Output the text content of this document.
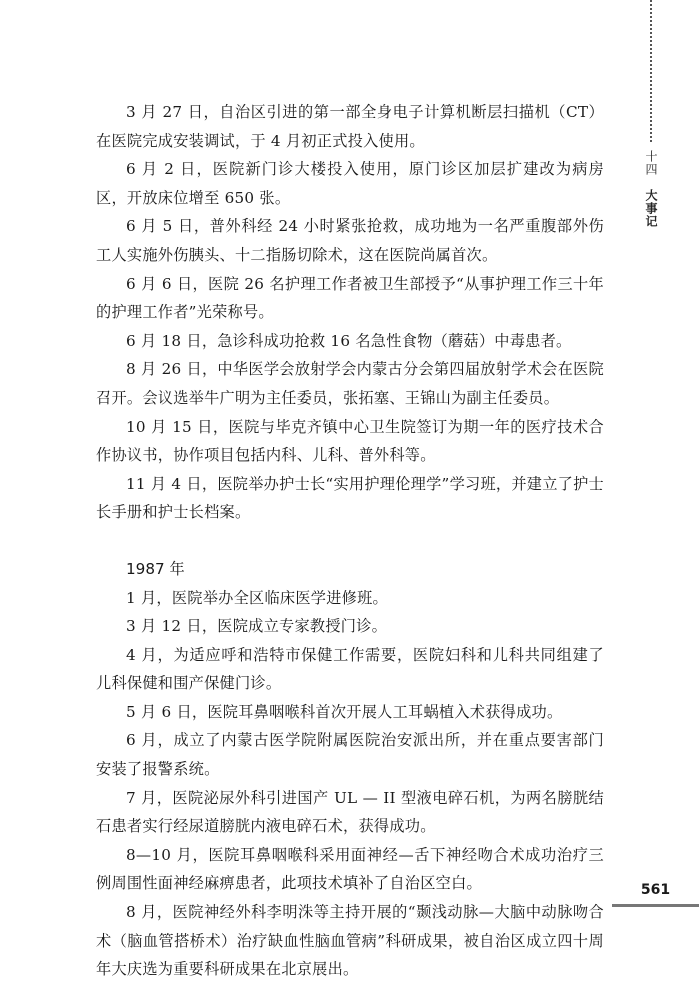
十四
大事记

3 月 27 日，自治区引进的第一部全身电子计算机断层扫描机（CT）在医院完成安装调试，于 4 月初正式投入使用。

6 月 2 日，医院新门诊大楼投入使用，原门诊区加层扩建改为病房区，开放床位增至 650 张。

6 月 5 日，普外科经 24 小时紧张抢救，成功地为一名严重腹部外伤工人实施外伤胰头、十二指肠切除术，这在医院尚属首次。

6 月 6 日，医院 26 名护理工作者被卫生部授予“从事护理工作三十年的护理工作者”光荣称号。

6 月 18 日，急诊科成功抢救 16 名急性食物（蘑菇）中毒患者。

8 月 26 日，中华医学会放射学会内蒙古分会第四届放射学术会在医院召开。会议选举牛广明为主任委员，张拓塞、王锦山为副主任委员。

10 月 15 日，医院与毕克齐镇中心卫生院签订为期一年的医疗技术合作协议书，协作项目包括内科、儿科、普外科等。

11 月 4 日，医院举办护士长“实用护理伦理学”学习班，并建立了护士长手册和护士长档案。

1987 年

1 月，医院举办全区临床医学进修班。

3 月 12 日，医院成立专家教授门诊。

4 月，为适应呼和浩特市保健工作需要，医院妇科和儿科共同组建了儿科保健和围产保健门诊。

5 月 6 日，医院耳鼻咽喉科首次开展人工耳蜗植入术获得成功。

6 月，成立了内蒙古医学院附属医院治安派出所，并在重点要害部门安装了报警系统。

7 月，医院泌尿外科引进国产 UL — II 型液电碎石机，为两名膀胱结石患者实行经尿道膀胱内液电碎石术，获得成功。

8—10 月，医院耳鼻咽喉科采用面神经—舌下神经吻合术成功治疗三例周围性面神经麻痹患者，此项技术填补了自治区空白。

8 月，医院神经外科李明洙等主持开展的“颞浅动脉—大脑中动脉吻合术（脑血管搭桥术）治疗缺血性脑血管病”科研成果，被自治区成立四十周年大庆选为重要科研成果在北京展出。

561
